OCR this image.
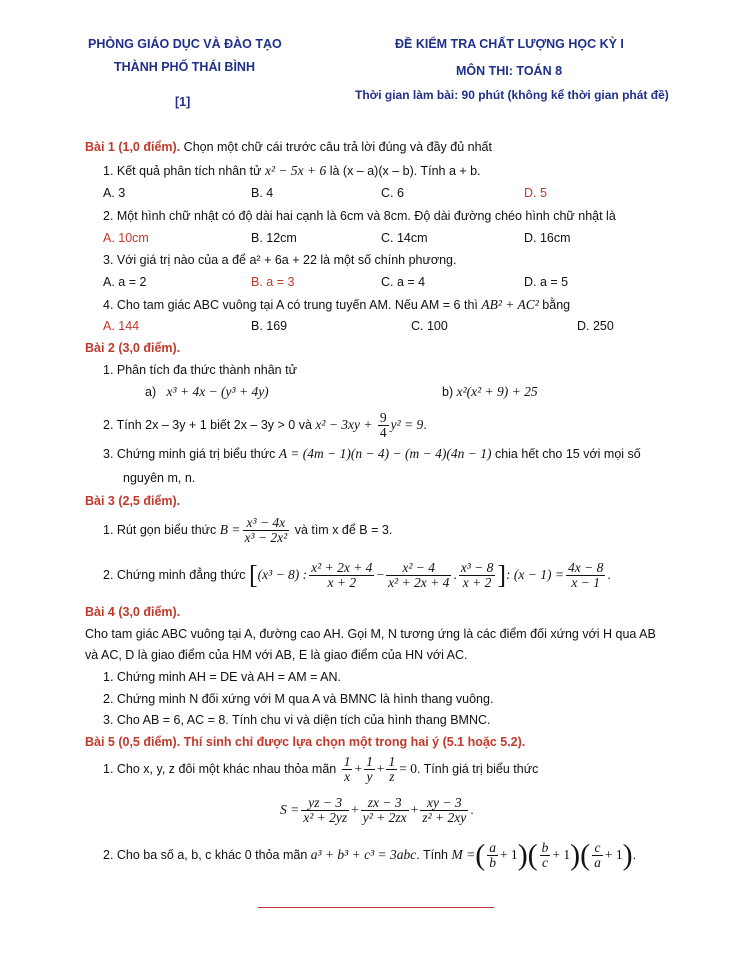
PHÒNG GIÁO DỤC VÀ ĐÀO TẠO
THÀNH PHỐ THÁI BÌNH
[1]
ĐỀ KIỂM TRA CHẤT LƯỢNG HỌC KỲ I
MÔN THI: TOÁN 8
Thời gian làm bài: 90 phút (không kể thời gian phát đề)
Bài 1 (1,0 điểm). Chọn một chữ cái trước câu trả lời đúng và đầy đủ nhất
1. Kết quả phân tích nhân tử x² − 5x + 6 là (x – a)(x – b). Tính a + b.
A. 3	B. 4	C. 6	D. 5
2. Một hình chữ nhật có độ dài hai cạnh là 6cm và 8cm. Độ dài đường chéo hình chữ nhật là
A. 10cm	B. 12cm	C. 14cm	D. 16cm
3. Với giá trị nào của a để a² + 6a + 22 là một số chính phương.
A. a = 2	B. a = 3	C. a = 4	D. a = 5
4. Cho tam giác ABC vuông tại A có trung tuyến AM. Nếu AM = 6 thì AB² + AC² bằng
A. 144	B. 169	C. 100	D. 250
Bài 2 (3,0 điểm).
1. Phân tích đa thức thành nhân tử
a) x³ + 4x − (y³ + 4y)	b) x²(x² + 9) + 25
2. Tính 2x – 3y + 1 biết 2x – 3y > 0 và $x^2 - 3xy + \frac{9}{4} y^2 = 9$.
3. Chứng minh giá trị biểu thức A = (4m − 1)(n − 4) − (m − 4)(4n − 1) chia hết cho 15 với mọi số
nguyên m, n.
Bài 3 (2,5 điểm).
1. Rút gọn biểu thức $B = \frac{\text{x³ − 4x}}{\text{x³ − 2x²}}$ và tìm x để B = 3.
2. Chứng minh đẳng thức [(x³ − 8) : $\frac{\text{x² + 2x + 4}}{x + 2} - \frac{\text{x² − 4}}{\text{x² + 2x + 4}}$ . $\frac{\text{x³ − 8}}{x + 2}$ ]: $(x - 1) = \frac{4x - 8}{x - 1}$ .
Bài 4 (3,0 điểm).
Cho tam giác ABC vuông tại A, đường cao AH. Gọi M, N tương ứng là các điểm đối xứng với H qua AB
và AC, D là giao điểm của HM với AB, E là giao điểm của HN với AC.
1. Chứng minh AH = DE và AH = AM = AN.
2. Chứng minh N đối xứng với M qua A và BMNC là hình thang vuông.
3. Cho AB = 6, AC = 8. Tính chu vi và diện tích của hình thang BMNC.
Bài 5 (0,5 điểm). Thí sinh chỉ được lựa chọn một trong hai ý (5.1 hoặc 5.2).
1. Cho x, y, z đôi một khác nhau thỏa mãn $\frac{1}{x} + \frac{1}{y} + \frac{1}{z} = 0$. Tính giá trị biểu thức
$S = \frac{yz - 3}{\text{x² + 2yz}} + \frac{zx - 3}{\text{y² + 2zx}} + \frac{xy - 3}{\text{z² + 2xy}}$ .
2. Cho ba số a, b, c khác 0 thỏa mãn a³ + b³ + c³ = 3abc. Tính M =( $\frac{a}{b} + 1)( \frac{b}{c} + 1)( \frac{c}{a} + 1)$.
